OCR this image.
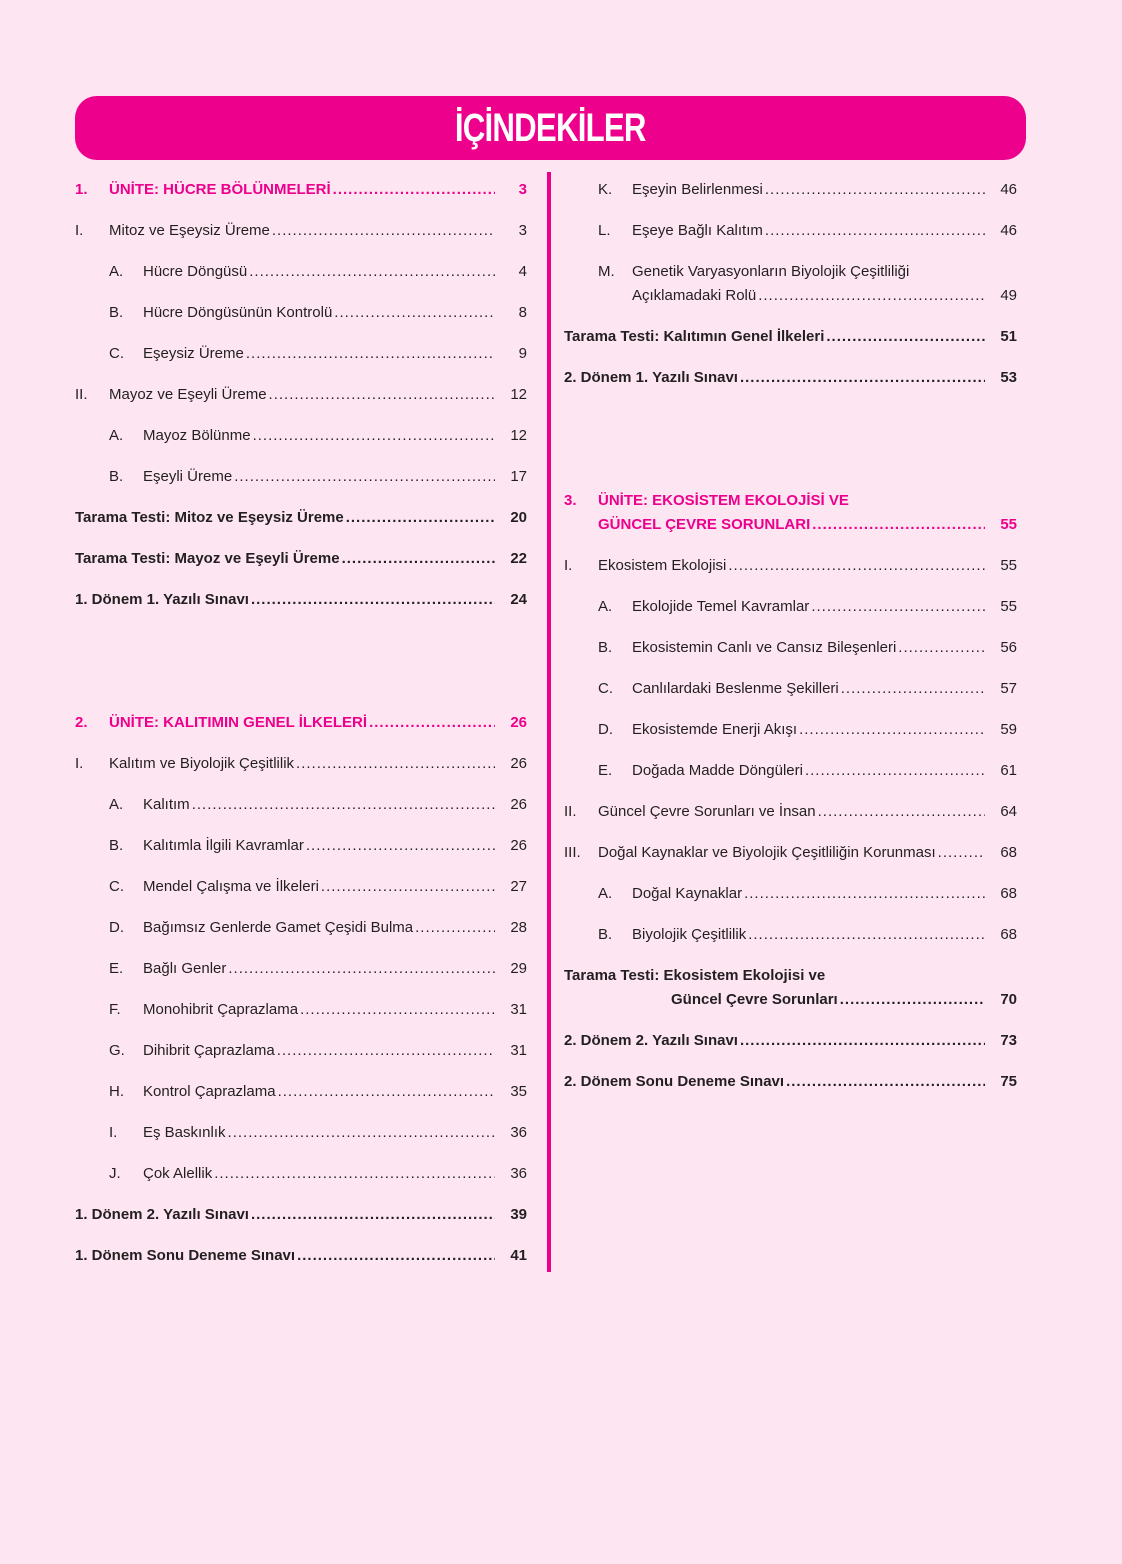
İÇİNDEKİLER
1.	ÜNİTE: HÜCRE BÖLÜNMELERİ .....	3
I.	Mitoz ve Eşeysiz Üreme .....	3
A.	Hücre Döngüsü .....	4
B.	Hücre Döngüsünün Kontrolü .....	8
C.	Eşeysiz Üreme .....	9
II.	Mayoz ve Eşeyli Üreme .....	12
A.	Mayoz Bölünme .....	12
B.	Eşeyli Üreme .....	17
Tarama Testi: Mitoz ve Eşeysiz Üreme .....	20
Tarama Testi: Mayoz ve Eşeyli Üreme .....	22
1. Dönem 1. Yazılı Sınavı .....	24
2.	ÜNİTE: KALITIMIN GENEL İLKELERİ .....	26
I.	Kalıtım ve Biyolojik Çeşitlilik .....	26
A.	Kalıtım .....	26
B.	Kalıtımla İlgili Kavramlar .....	26
C.	Mendel Çalışma ve İlkeleri .....	27
D.	Bağımsız Genlerde Gamet Çeşidi Bulma .....	28
E.	Bağlı Genler .....	29
F.	Monohibrit Çaprazlama .....	31
G.	Dihibrit Çaprazlama .....	31
H.	Kontrol Çaprazlama .....	35
I.	Eş Baskınlık .....	36
J.	Çok Alellik .....	36
1. Dönem 2. Yazılı Sınavı .....	39
1. Dönem Sonu Deneme Sınavı .....	41
K.	Eşeyin Belirlenmesi .....	46
L.	Eşeye Bağlı Kalıtım .....	46
M.	Genetik Varyasyonların Biyolojik Çeşitliliği
Açıklamadaki Rolü .....	49
Tarama Testi: Kalıtımın Genel İlkeleri .....	51
2. Dönem 1. Yazılı Sınavı .....	53
3.	ÜNİTE: EKOSİSTEM EKOLOJİSİ VE
GÜNCEL ÇEVRE SORUNLARI .....	55
I.	Ekosistem Ekolojisi .....	55
A.	Ekolojide Temel Kavramlar .....	55
B.	Ekosistemin Canlı ve Cansız Bileşenleri .....	56
C.	Canlılardaki Beslenme Şekilleri .....	57
D.	Ekosistemde Enerji Akışı .....	59
E.	Doğada Madde Döngüleri .....	61
II.	Güncel Çevre Sorunları ve İnsan .....	64
III.	Doğal Kaynaklar ve Biyolojik Çeşitliliğin Korunması .....	68
A.	Doğal Kaynaklar .....	68
B.	Biyolojik Çeşitlilik .....	68
Tarama Testi: Ekosistem Ekolojisi ve
Güncel Çevre Sorunları .....	70
2. Dönem 2. Yazılı Sınavı .....	73
2. Dönem Sonu Deneme Sınavı .....	75
